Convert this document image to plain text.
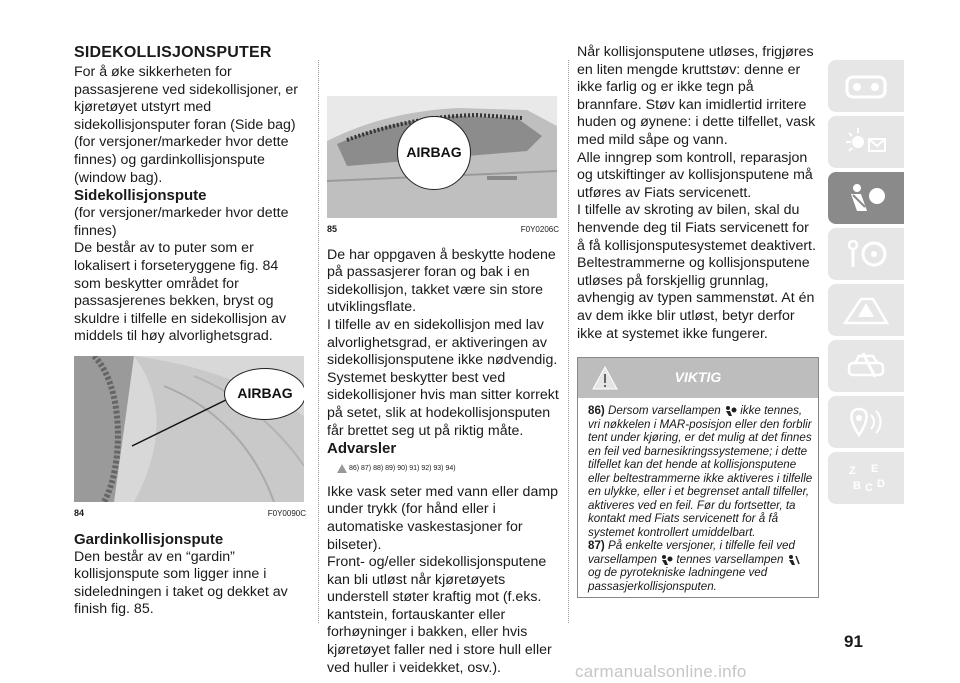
SIDEKOLLISJONSPUTER

For å øke sikkerheten for passasjerene ved sidekollisjoner, er kjøretøyet utstyrt med sidekollisjonsputer foran (Side bag) (for versjoner/markeder hvor dette finnes) og gardinkollisjonspute (window bag).

Sidekollisjonspute

(for versjoner/markeder hvor dette finnes)

De består av to puter som er lokalisert i forseteryggene fig. 84 som beskytter området for passasjerenes bekken, bryst og skuldre i tilfelle en sidekollisjon av middels til høy alvorlighetsgrad.

AIRBAG
84	F0Y0090C
Gardinkollisjonspute

Den består av en “gardin” kollisjonspute som ligger inne i sideledningen i taket og dekket av finish fig. 85.

AIRBAG
85	F0Y0206C

De har oppgaven å beskytte hodene på passasjerer foran og bak i en sidekollisjon, takket være sin store utviklingsflate.

I tilfelle av en sidekollisjon med lav alvorlighetsgrad, er aktiveringen av sidekollisjonsputene ikke nødvendig.

Systemet beskytter best ved sidekollisjoner hvis man sitter korrekt på setet, slik at hodekollisjonsputen får brettet seg ut på riktig måte.

Advarsler
86) 87) 88) 89) 90) 91) 92) 93) 94)

Ikke vask seter med vann eller damp under trykk (for hånd eller i automatiske vaskestasjoner for bilseter).

Front- og/eller sidekollisjonsputene kan bli utløst når kjøretøyets understell støter kraftig mot (f.eks. kantstein, fortauskanter eller forhøyninger i bakken, eller hvis kjøretøyet faller ned i store hull eller ved huller i veidekket, osv.).

Når kollisjonsputene utløses, frigjøres en liten mengde kruttstøv: denne er ikke farlig og er ikke tegn på brannfare. Støv kan imidlertid irritere huden og øynene: i dette tilfellet, vask med mild såpe og vann.

Alle inngrep som kontroll, reparasjon og utskiftinger av kollisjonsputene må utføres av Fiats servicenett.

I tilfelle av skroting av bilen, skal du henvende deg til Fiats servicenett for å få kollisjonsputesystemet deaktivert.

Beltestrammerne og kollisjonsputene utløses på forskjellig grunnlag, avhengig av typen sammenstøt. At én av dem ikke blir utløst, betyr derfor ikke at systemet ikke fungerer.

VIKTIG

86) Dersom varsellampen ikke tennes, vri nøkkelen i MAR-posisjon eller den forblir tent under kjøring, er det mulig at det finnes en feil ved barnesikringssystemene; i dette tilfellet kan det hende at kollisjonsputene eller beltestrammerne ikke aktiveres i tilfelle en ulykke, eller i et begrenset antall tilfeller, aktiveres ved en feil. Før du fortsetter, ta kontakt med Fiats servicenett for å få systemet kontrollert umiddelbart.

87) På enkelte versjoner, i tilfelle feil ved varsellampen tennes varsellampen  og de pyrotekniske ladningene ved passasjerkollisjonsputen.

Z E
B C D
91
carmanualsonline.info
